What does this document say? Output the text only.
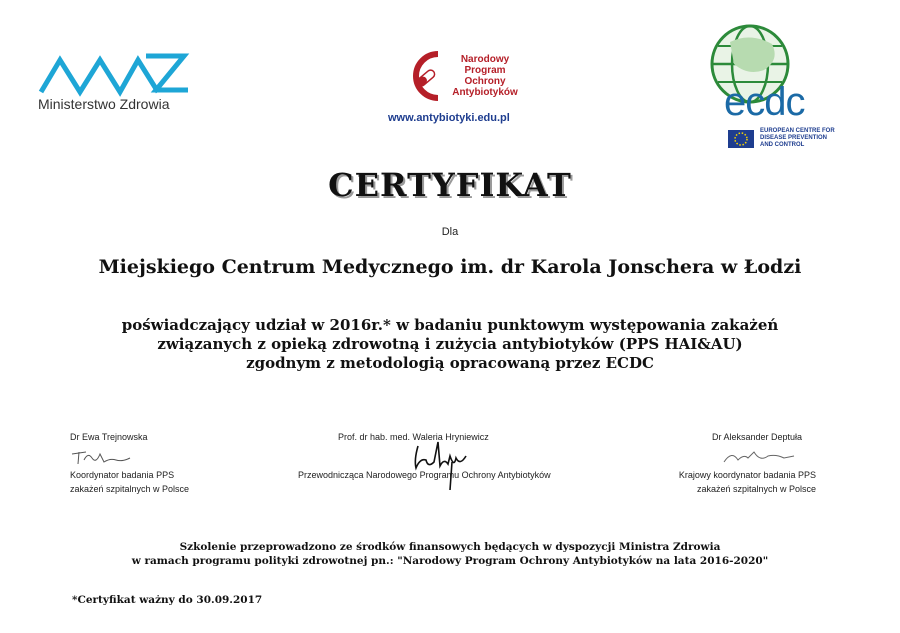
Ministerstwo Zdrowia
Narodowy
Program
Ochrony
Antybiotyków
www.antybiotyki.edu.pl	ecdc
EUROPEAN CENTRE FOR
DISEASE PREVENTION
AND CONTROL
CERTYFIKAT
Dla
Miejskiego Centrum Medycznego im. dr Karola Jonschera w Łodzi
poświadczający udział w 2016r.* w badaniu punktowym występowania zakażeń
związanych z opieką zdrowotną i zużycia antybiotyków (PPS HAI&AU)
zgodnym z metodologią opracowaną przez ECDC
Dr Ewa Trejnowska
Koordynator badania PPS
zakażeń szpitalnych w Polsce
Prof. dr hab. med. Waleria Hryniewicz
Przewodnicząca Narodowego Programu Ochrony Antybiotyków
Dr Aleksander Deptuła
Krajowy koordynator badania PPS
zakażeń szpitalnych w Polsce
Szkolenie przeprowadzono ze środków finansowych będących w dyspozycji Ministra Zdrowia
w ramach programu polityki zdrowotnej pn.: "Narodowy Program Ochrony Antybiotyków na lata 2016-2020"
*Certyfikat ważny do 30.09.2017
